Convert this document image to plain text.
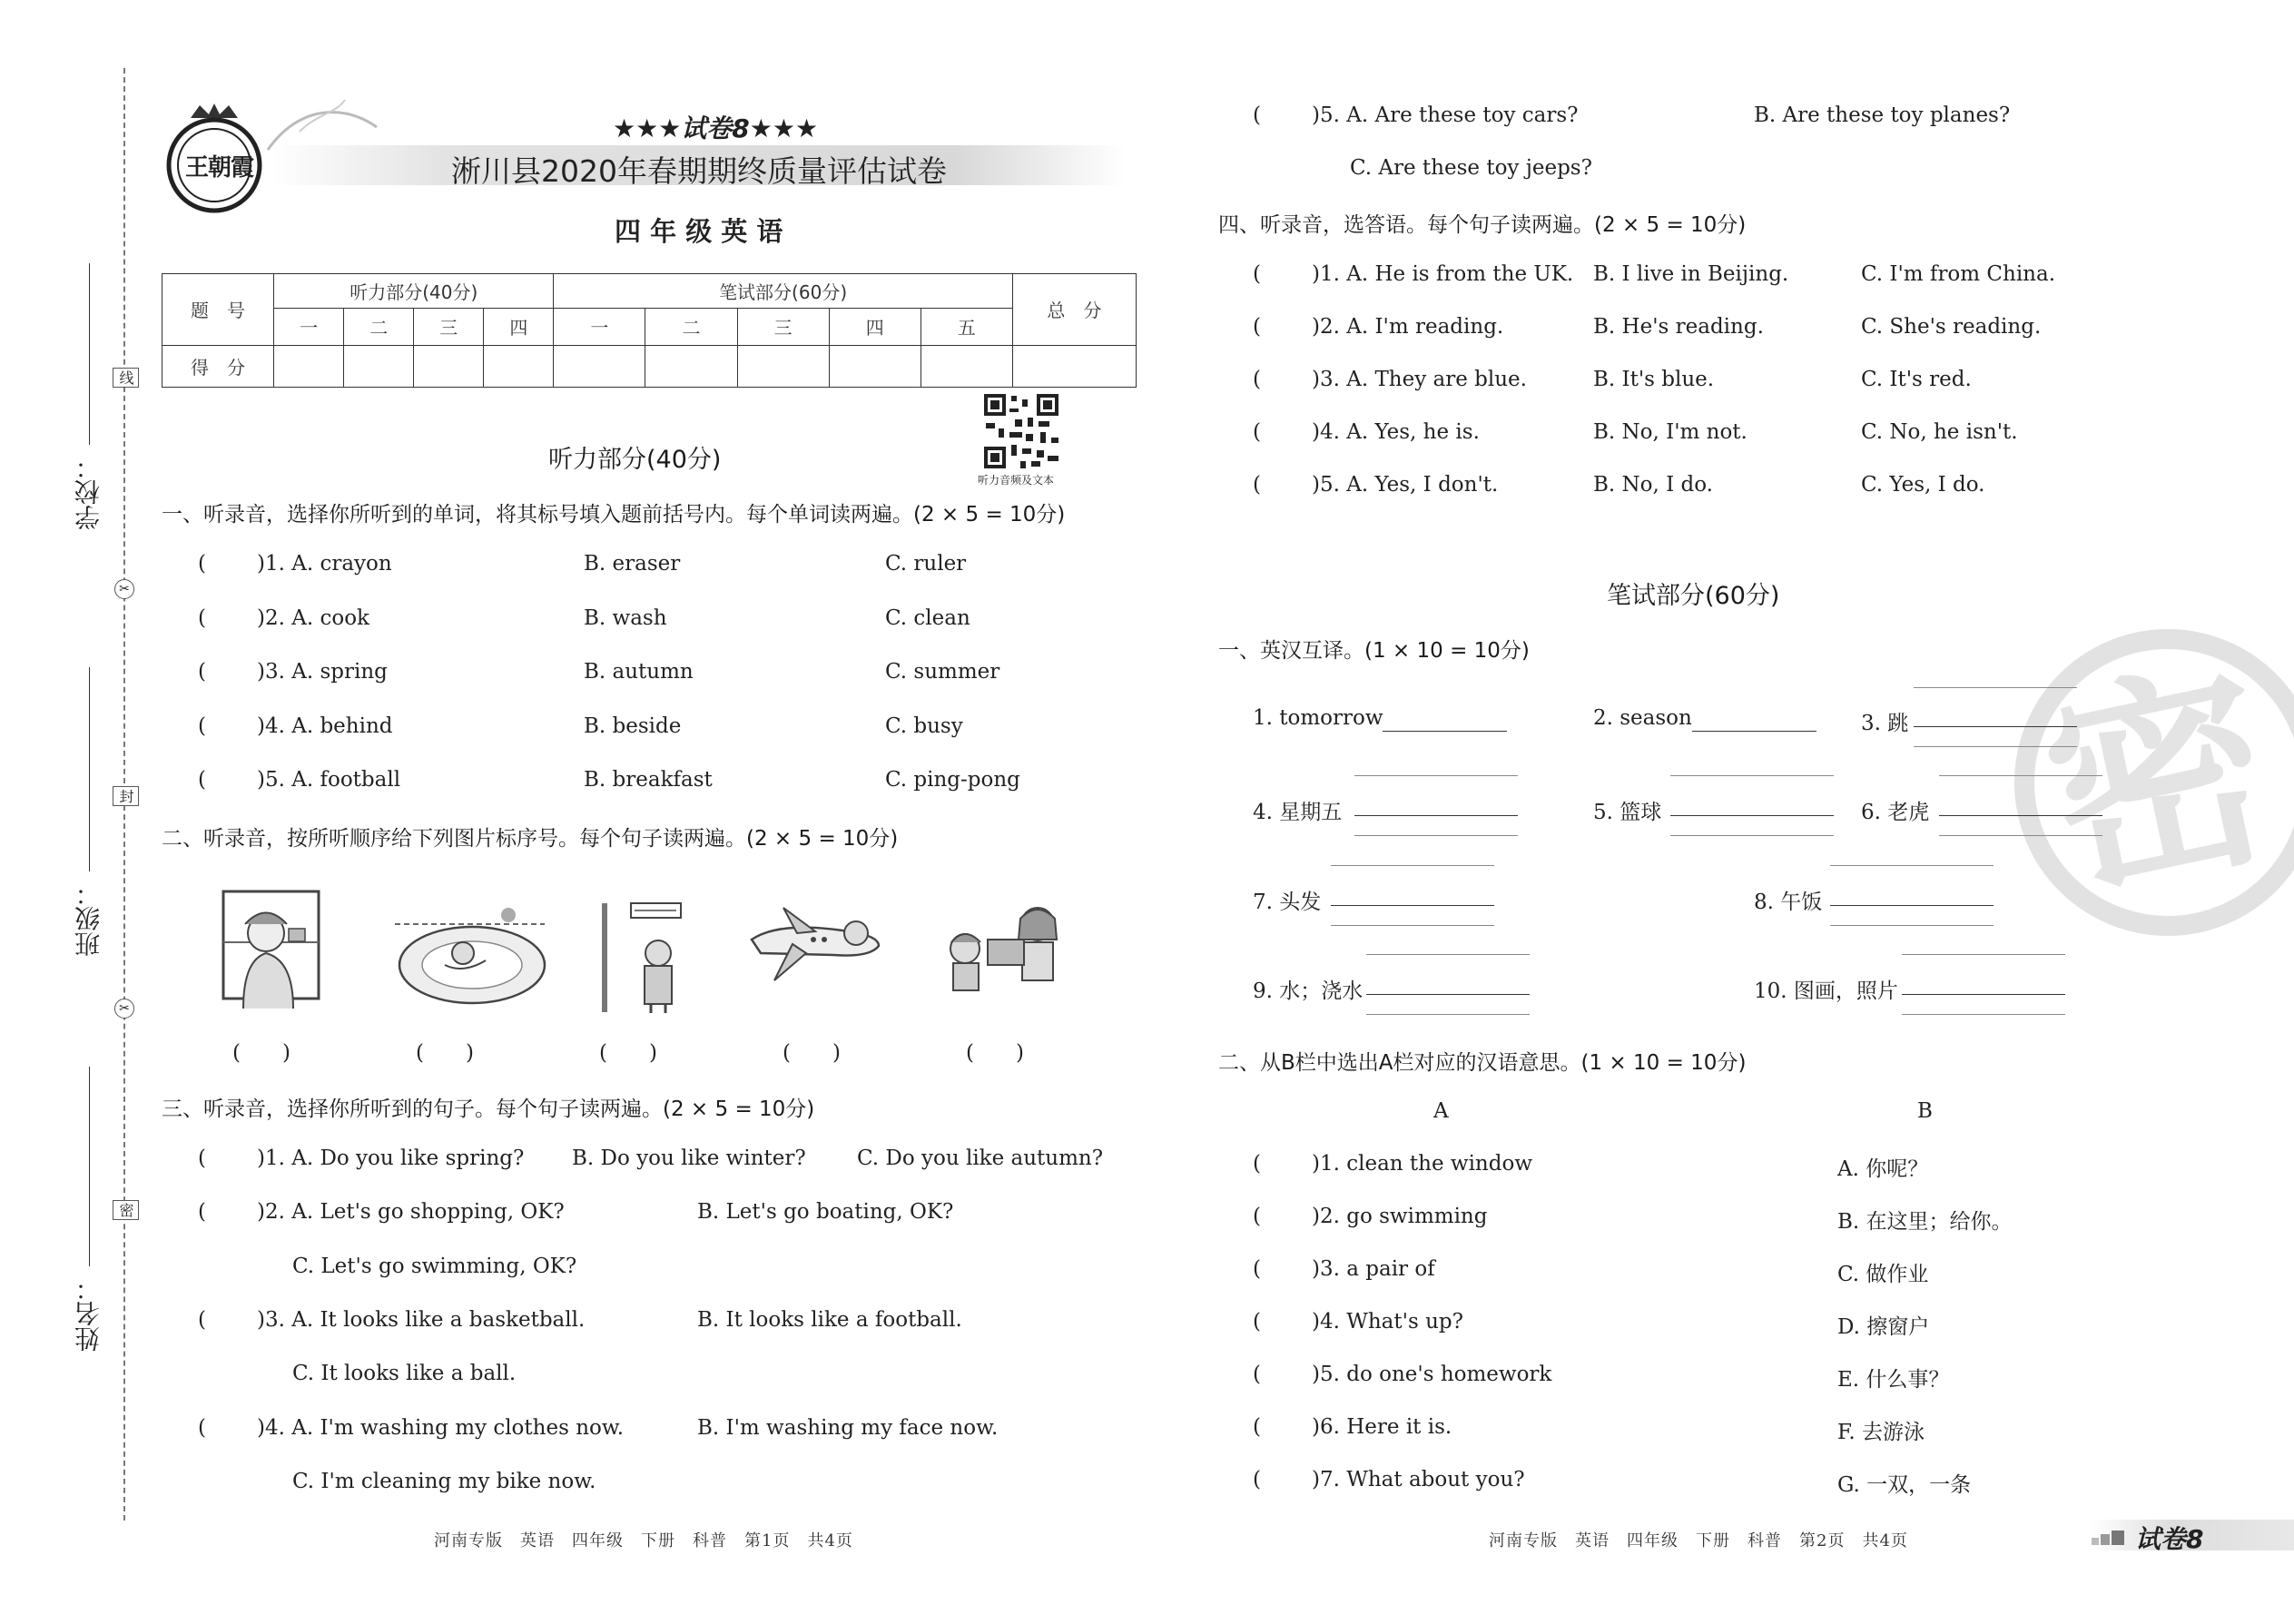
学校：
班级：
姓名：
线
封
密
✂
✂
王朝霞
★★★试卷8★★★
淅川县2020年春期期终质量评估试卷
四 年 级 英 语
题　号	听力部分(40分)				笔试部分(60分)					总　分
	一	二	三	四	一	二	三	四	五	
得　分										
听力音频及文本
听力部分(40分)
一、听录音，选择你所听到的单词，将其标号填入题前括号内。每个单词读两遍。(2 × 5 = 10分)
( )1. A. crayon	B. eraser	C. ruler
( )2. A. cook	B. wash	C. clean
( )3. A. spring	B. autumn	C. summer
( )4. A. behind	B. beside	C. busy
( )5. A. football	B. breakfast	C. ping-pong
二、听录音，按所听顺序给下列图片标序号。每个句子读两遍。(2 × 5 = 10分)
(　　)	(　　)	(　　)	(　　)	(　　)
三、听录音，选择你所听到的句子。每个句子读两遍。(2 × 5 = 10分)
( )1. A. Do you like spring? B. Do you like winter? C. Do you like autumn?
( )2. A. Let's go shopping, OK?	B. Let's go boating, OK?
C. Let's go swimming, OK?
( )3. A. It looks like a basketball.	B. It looks like a football.
C. It looks like a ball.
( )4. A. I'm washing my clothes now.	B. I'm washing my face now.
C. I'm cleaning my bike now.
河南专版　英语　四年级　下册　科普　第1页　共4页
( )5. A. Are these toy cars?	B. Are these toy planes?
C. Are these toy jeeps?
四、听录音，选答语。每个句子读两遍。(2 × 5 = 10分)
( )1. A. He is from the UK. B. I live in Beijing.	C. I'm from China.
( )2. A. I'm reading.	B. He's reading.	C. She's reading.
( )3. A. They are blue.	B. It's blue.	C. It's red.
( )4. A. Yes, he is.	B. No, I'm not.	C. No, he isn't.
( )5. A. Yes, I don't.	B. No, I do.	C. Yes, I do.
密
笔试部分(60分)
一、英汉互译。(1 × 10 = 10分)
1. tomorrow	2. season	3. 跳
4. 星期五	5. 篮球	6. 老虎
7. 头发	8. 午饭
9. 水；浇水	10. 图画，照片
二、从B栏中选出A栏对应的汉语意思。(1 × 10 = 10分)
A	B
( )1. clean the window	A. 你呢？
( )2. go swimming	B. 在这里；给你。
( )3. a pair of	C. 做作业
( )4. What's up?	D. 擦窗户
( )5. do one's homework	E. 什么事？
( )6. Here it is.	F. 去游泳
( )7. What about you?	G. 一双，一条
河南专版　英语　四年级　下册　科普　第2页　共4页	试卷8
